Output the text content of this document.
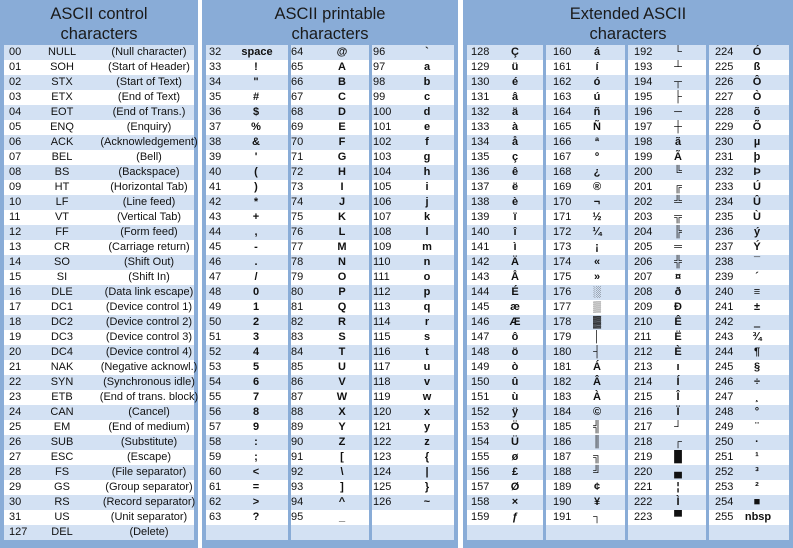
ASCII control
characters
00	NULL	(Null character)
01	SOH	(Start of Header)
02	STX	(Start of Text)
03	ETX	(End of Text)
04	EOT	(End of Trans.)
05	ENQ	(Enquiry)
06	ACK	(Acknowledgement)
07	BEL	(Bell)
08	BS	(Backspace)
09	HT	(Horizontal Tab)
10	LF	(Line feed)
11	VT	(Vertical Tab)
12	FF	(Form feed)
13	CR	(Carriage return)
14	SO	(Shift Out)
15	SI	(Shift In)
16	DLE	(Data link escape)
17	DC1	(Device control 1)
18	DC2	(Device control 2)
19	DC3	(Device control 3)
20	DC4	(Device control 4)
21	NAK	(Negative acknowl.)
22	SYN	(Synchronous idle)
23	ETB	(End of trans. block)
24	CAN	(Cancel)
25	EM	(End of medium)
26	SUB	(Substitute)
27	ESC	(Escape)
28	FS	(File separator)
29	GS	(Group separator)
30	RS	(Record separator)
31	US	(Unit separator)
127	DEL	(Delete)
ASCII printable
characters
32	space	64	@	96	`
33	!	65	A	97	a
34	"	66	B	98	b
35	#	67	C	99	c
36	$	68	D	100	d
37	%	69	E	101	e
38	&	70	F	102	f
39	'	71	G	103	g
40	(	72	H	104	h
41	)	73	I	105	i
42	*	74	J	106	j
43	+	75	K	107	k
44	,	76	L	108	l
45	-	77	M	109	m
46	.	78	N	110	n
47	/	79	O	111	o
48	0	80	P	112	p
49	1	81	Q	113	q
50	2	82	R	114	r
51	3	83	S	115	s
52	4	84	T	116	t
53	5	85	U	117	u
54	6	86	V	118	v
55	7	87	W	119	w
56	8	88	X	120	x
57	9	89	Y	121	y
58	:	90	Z	122	z
59	;	91	[	123	{
60	<	92	\	124	|
61	=	93	]	125	}
62	>	94	^	126	~
63	?	95	_
Extended ASCII
characters
128	Ç	160	á	192	└	224	Ó
129	ü	161	í	193	┴	225	ß
130	é	162	ó	194	┬	226	Ô
131	â	163	ú	195	├	227	Ò
132	ä	164	ñ	196	─	228	õ
133	à	165	Ñ	197	┼	229	Õ
134	å	166	ª	198	ã	230	µ
135	ç	167	º	199	Ã	231	þ
136	ê	168	¿	200	╚	232	Þ
137	ë	169	®	201	╔	233	Ú
138	è	170	¬	202	╩	234	Û
139	ï	171	½	203	╦	235	Ù
140	î	172	¼	204	╠	236	ý
141	ì	173	¡	205	═	237	Ý
142	Ä	174	«	206	╬	238	¯
143	Å	175	»	207	¤	239	´
144	É	176	░	208	ð	240	≡
145	æ	177	▒	209	Ð	241	±
146	Æ	178	▓	210	Ê	242	‗
147	ô	179	│	211	Ë	243	¾
148	ö	180	┤	212	È	244	¶
149	ò	181	Á	213	ı	245	§
150	û	182	Â	214	Í	246	÷
151	ù	183	À	215	Î	247	¸
152	ÿ	184	©	216	Ï	248	°
153	Ö	185	╣	217	┘	249	¨
154	Ü	186	║	218	┌	250	·
155	ø	187	╗	219	█	251	¹
156	£	188	╝	220	▄	252	³
157	Ø	189	¢	221	¦	253	²
158	×	190	¥	222	Ì	254	■
159	ƒ	191	┐	223	▀	255	nbsp
